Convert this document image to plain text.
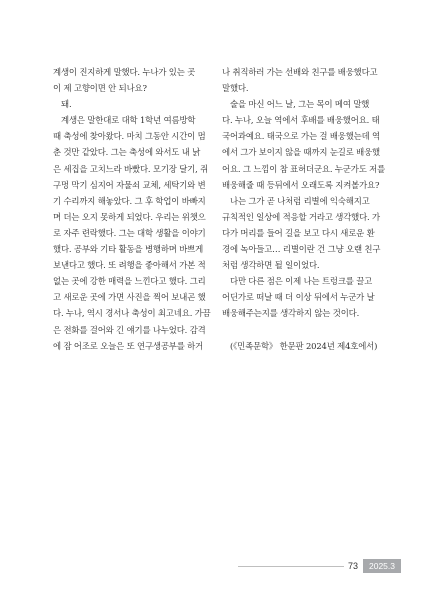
계생이 진지하게 말했다. 누나가 있는 곳

이 제 고향이면 안 되나요?

돼.

계생은 말한대로 대학 1학년 여름방학

때 축성에 찾아왔다. 마치 그동안 시간이 멈

춘 것만 같았다. 그는 축성에 와서도 내 낡

은 세집을 고치느라 바빴다. 모기장 달기, 쥐

구멍 막기 심지어 자물쇠 교체, 세탁기와 변

기 수리까지 해놓았다. 그 후 학업이 바빠지

며 더는 오지 못하게 되었다. 우리는 위챗으

로 자주 련락했다. 그는 대학 생활을 이야기

했다. 공부와 기타 활동을 병행하며 바쁘게

보낸다고 했다. 또 려행을 좋아해서 가본 적

없는 곳에 강한 매력을 느낀다고 했다. 그리

고 새로운 곳에 가면 사진을 찍어 보내곤 했

다. 누나, 역시 경서나 축성이 최고네요. 가끔

은 전화를 걸어와 긴 얘기를 나누었다. 감격

에 잠 어조로 오늘은 또 연구생공부를 하거

나 취직하러 가는 선배와 친구를 배웅했다고

말했다.

술을 마신 어느 날, 그는 목이 메여 말했

다. 누나, 오늘 역에서 후배를 배웅했어요. 태

국어과예요. 태국으로 가는 걸 배웅했는데 역

에서 그가 보이지 않을 때까지 눈길로 배웅했

어요. 그 느낌이 참 표허더군요. 누군가도 저를

배웅해줄 때 등뒤에서 오래도록 지켜볼가요?

나는 그가 곧 나처럼 리별에 익숙해지고

규칙적인 일상에 적응할 거라고 생각했다. 가

다가 머리를 들어 길을 보고 다시 새로운 환

경에 녹아들고… 리별이란 건 그냥 오랜 친구

처럼 생각하면 될 일이었다.

다만 다른 점은 이제 나는 트렁크를 끌고

어딘가로 떠날 때 더 이상 뒤에서 누군가 날

배웅해주는지를 생각하지 않는 것이다.

(《민족문학》 한문판 2024년 제4호에서)

73	2025.3
